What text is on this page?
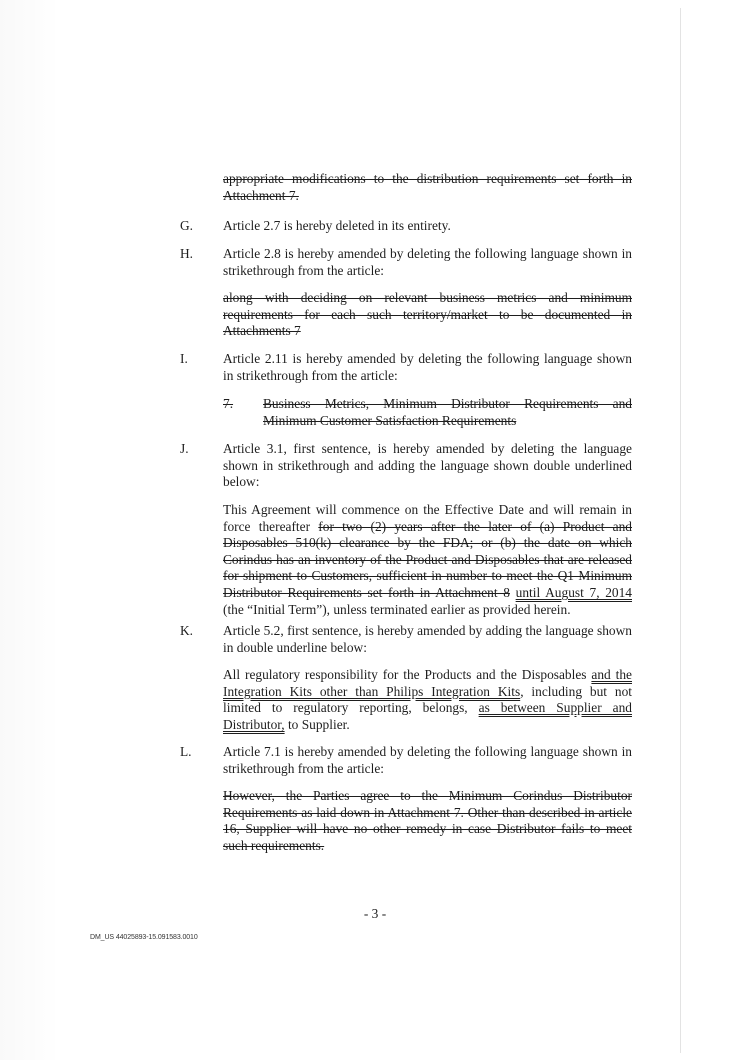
appropriate modifications to the distribution requirements set forth in Attachment 7.
G. Article 2.7 is hereby deleted in its entirety.
H. Article 2.8 is hereby amended by deleting the following language shown in strikethrough from the article:
along with deciding on relevant business metrics and minimum requirements for each such territory/market to be documented in Attachments 7
I.	Article 2.11 is hereby amended by deleting the following language shown in strikethrough from the article:
7.	Business Metrics, Minimum Distributor Requirements and Minimum Customer Satisfaction Requirements
J.	Article 3.1, first sentence, is hereby amended by deleting the language shown in strikethrough and adding the language shown double underlined below:
This Agreement will commence on the Effective Date and will remain in force thereafter for two (2) years after the later of (a) Product and Disposables 510(k) clearance by the FDA; or (b) the date on which Corindus has an inventory of the Product and Disposables that are released for shipment to Customers, sufficient in number to meet the Q1 Minimum Distributor Requirements set forth in Attachment 8 until August 7, 2014 (the “Initial Term”), unless terminated earlier as provided herein.
K. Article 5.2, first sentence, is hereby amended by adding the language shown in double underline below:
All regulatory responsibility for the Products and the Disposables and the Integration Kits other than Philips Integration Kits, including but not limited to regulatory reporting, belongs, as between Supplier and Distributor, to Supplier.
L. Article 7.1 is hereby amended by deleting the following language shown in strikethrough from the article:
However, the Parties agree to the Minimum Corindus Distributor Requirements as laid down in Attachment 7. Other than described in article 16, Supplier will have no other remedy in case Distributor fails to meet such requirements.
- 3 -
DM_US 44025893-15.091583.0010
